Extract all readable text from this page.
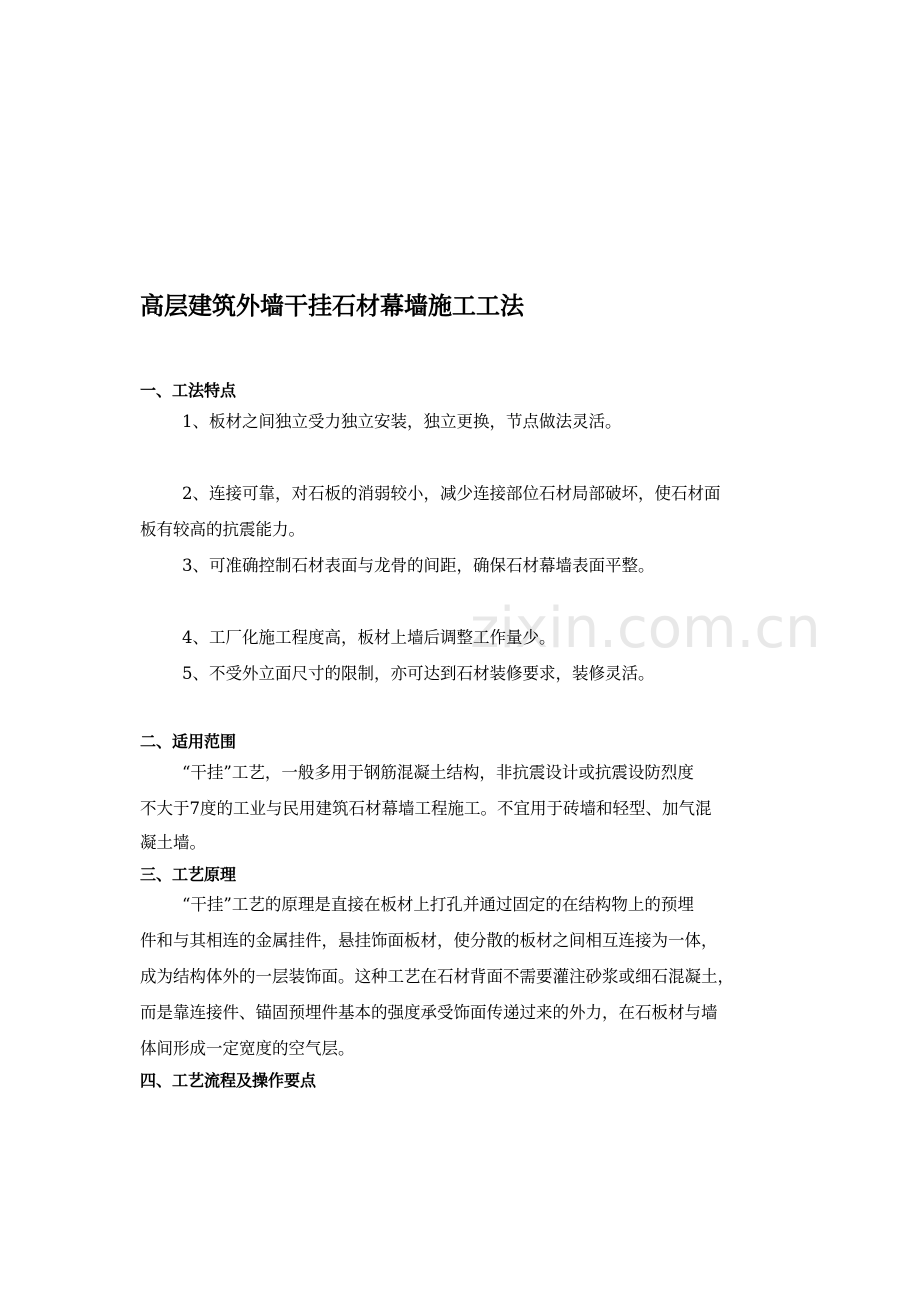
zixin.com.cn
高层建筑外墙干挂石材幕墙施工工法
一、工法特点
1、板材之间独立受力独立安装，独立更换，节点做法灵活。
2、连接可靠，对石板的消弱较小，减少连接部位石材局部破坏，使石材面
板有较高的抗震能力。
3、可准确控制石材表面与龙骨的间距，确保石材幕墙表面平整。
4、工厂化施工程度高，板材上墙后调整工作量少。
5、不受外立面尺寸的限制，亦可达到石材装修要求，装修灵活。
二、适用范围
“干挂”工艺，一般多用于钢筋混凝土结构，非抗震设计或抗震设防烈度
不大于7度的工业与民用建筑石材幕墙工程施工。不宜用于砖墙和轻型、加气混
凝土墙。
三、工艺原理
“干挂”工艺的原理是直接在板材上打孔并通过固定的在结构物上的预埋
件和与其相连的金属挂件，悬挂饰面板材，使分散的板材之间相互连接为一体，
成为结构体外的一层装饰面。这种工艺在石材背面不需要灌注砂浆或细石混凝土，
而是靠连接件、锚固预埋件基本的强度承受饰面传递过来的外力，在石板材与墙
体间形成一定宽度的空气层。
四、工艺流程及操作要点
